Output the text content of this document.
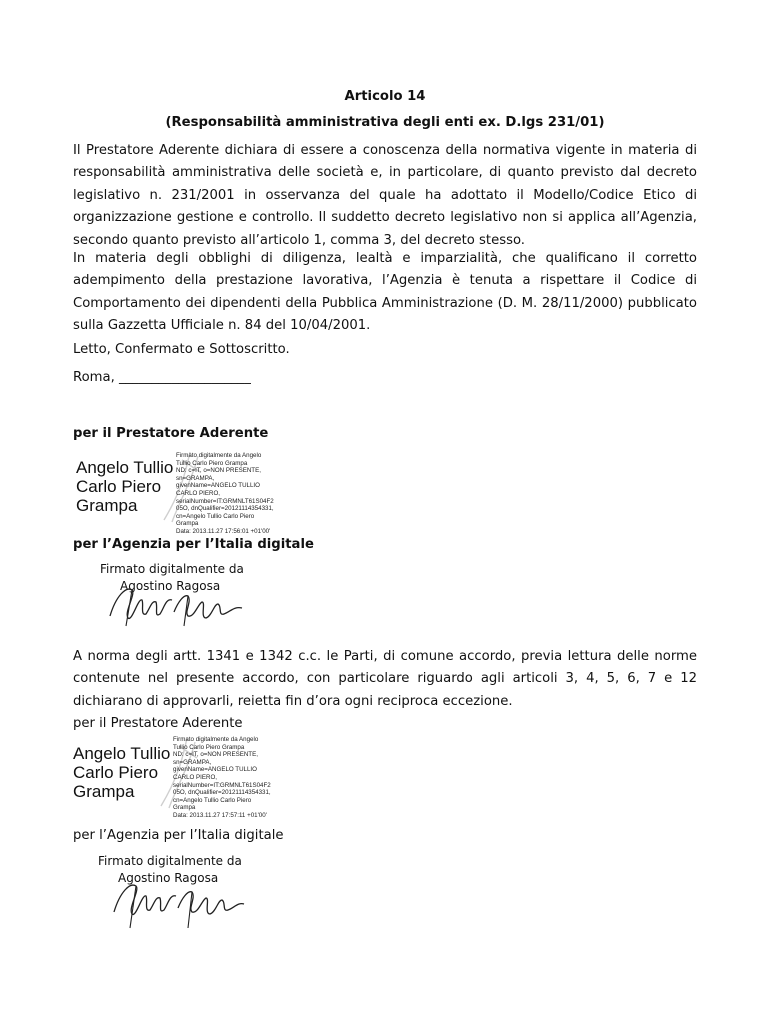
Articolo 14
(Responsabilità amministrativa degli enti ex. D.lgs 231/01)
Il Prestatore Aderente dichiara di essere a conoscenza della normativa vigente in materia di responsabilità amministrativa delle società e, in particolare, di quanto previsto dal decreto legislativo n. 231/2001 in osservanza del quale ha adottato il Modello/Codice Etico di organizzazione gestione e controllo. Il suddetto decreto legislativo non si applica all’Agenzia, secondo quanto previsto all’articolo 1, comma 3, del decreto stesso.
In materia degli obblighi di diligenza, lealtà e imparzialità, che qualificano il corretto adempimento della prestazione lavorativa, l’Agenzia è tenuta a rispettare il Codice di Comportamento dei dipendenti della Pubblica Amministrazione (D. M. 28/11/2000) pubblicato sulla Gazzetta Ufficiale n. 84 del 10/04/2001.
Letto, Confermato e Sottoscritto.
Roma, ____________________
per il Prestatore Aderente
Angelo Tullio
Carlo Piero
Grampa
Firmato digitalmente da Angelo
Tullio Carlo Piero Grampa
ND: c=IT, o=NON PRESENTE,
sn=GRAMPA,
givenName=ANGELO TULLIO
CARLO PIERO,
serialNumber=IT:GRMNLT61S04F2
05O, dnQualifier=20121114354331,
cn=Angelo Tullio Carlo Piero
Grampa
Data: 2013.11.27 17:56:01 +01'00'
per l’Agenzia per l’Italia digitale
Firmato digitalmente da
Agostino Ragosa
A norma degli artt. 1341 e 1342 c.c. le Parti, di comune accordo, previa lettura delle norme contenute nel presente accordo, con particolare riguardo agli articoli 3, 4, 5, 6, 7 e 12 dichiarano di approvarli, reietta fin d’ora ogni reciproca eccezione.
per il Prestatore Aderente
Angelo Tullio
Carlo Piero
Grampa
Firmato digitalmente da Angelo
Tullio Carlo Piero Grampa
ND: c=IT, o=NON PRESENTE,
sn=GRAMPA,
givenName=ANGELO TULLIO
CARLO PIERO,
serialNumber=IT:GRMNLT61S04F2
05O, dnQualifier=20121114354331,
cn=Angelo Tullio Carlo Piero
Grampa
Data: 2013.11.27 17:57:11 +01'00'
per l’Agenzia per l’Italia digitale
Firmato digitalmente da
Agostino Ragosa
